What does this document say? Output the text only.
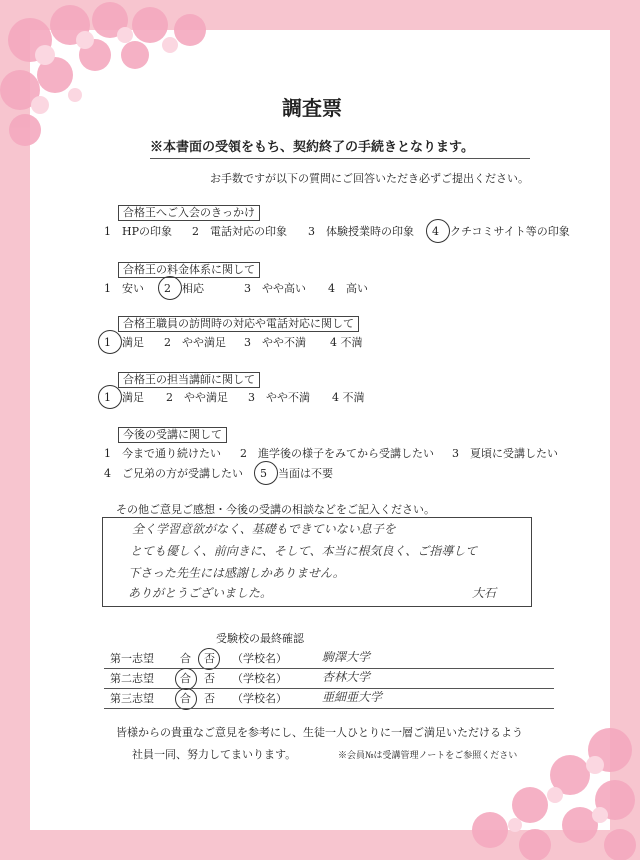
調査票
※本書面の受領をもち、契約終了の手続きとなります。
お手数ですが以下の質問にご回答いただき必ずご提出ください。
合格王へご入会のきっかけ
1　HPの印象 2　電話対応の印象 3　体験授業時の印象 4　クチコミサイト等の印象
合格王の料金体系に関して
1　安い 2　相応	3　やや高い 4　高い
合格王職員の訪問時の対応や電話対応に関して
1　満足 2　やや満足 3　やや不満 4 不満
合格王の担当講師に関して
1　満足 2　やや満足 3　やや不満 4 不満
今後の受講に関して
1　今まで通り続けたい 2　進学後の様子をみてから受講したい 3　夏頃に受講したい
4　ご兄弟の方が受講したい 5　当面は不要
その他ご意見ご感想・今後の受講の相談などをご記入ください。
全く学習意欲がなく、基礎もできていない息子を
とても優しく、前向きに、そして、本当に根気良く、ご指導して
下さった先生には感謝しかありません。
ありがとうございました。	大石
受験校の最終確認
第一志望 合 否 （学校名）	駒澤大学
第二志望 合 否 （学校名）	杏林大学
第三志望 合 否 （学校名）	亜細亜大学
皆様からの貴重なご意見を参考にし、生徒一人ひとりに一層ご満足いただけるよう
社員一同、努力してまいります。	※会員№は受講管理ノートをご参照ください
